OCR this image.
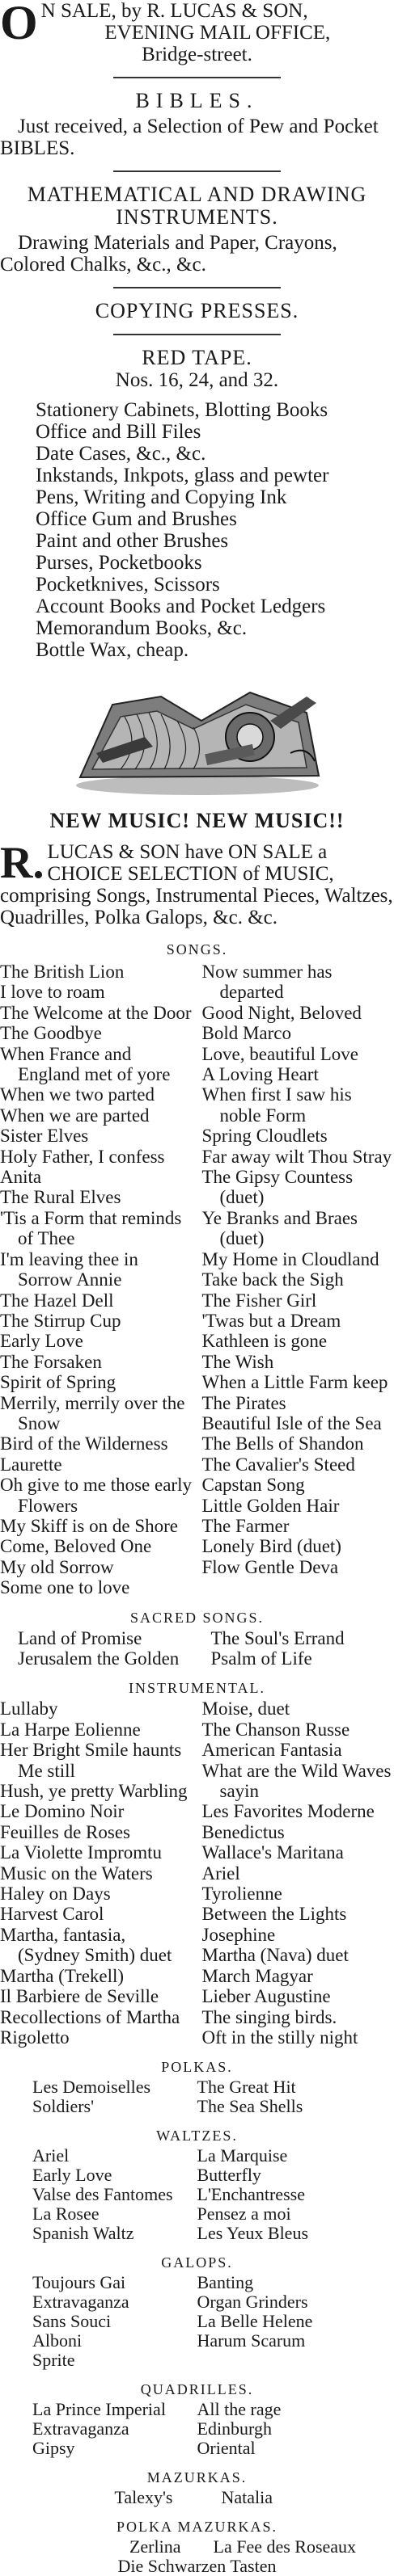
O N SALE, by R. LUCAS & SON,

EVENING MAIL OFFICE,

Bridge-street.

BIBLES.

Just received, a Selection of Pew and Pocket BIBLES.

MATHEMATICAL AND DRAWING
INSTRUMENTS.

Drawing Materials and Paper, Crayons, Colored Chalks, &c., &c.

COPYING PRESSES.
RED TAPE.

Nos. 16, 24, and 32.

Stationery Cabinets, Blotting Books

Office and Bill Files

Date Cases, &c., &c.

Inkstands, Inkpots, glass and pewter

Pens, Writing and Copying Ink

Office Gum and Brushes

Paint and other Brushes

Purses, Pocketbooks

Pocketknives, Scissors

Account Books and Pocket Ledgers

Memorandum Books, &c.

Bottle Wax, cheap.

NEW MUSIC! NEW MUSIC!!

R. LUCAS & SON have ON SALE a CHOICE SELECTION of MUSIC, comprising Songs, Instrumental Pieces, Waltzes, Quadrilles, Polka Galops, &c. &c.

SONGS.

The British Lion

I love to roam

The Welcome at the Door

The Goodbye

When France and England met of yore

When we two parted

When we are parted

Sister Elves

Holy Father, I confess

Anita

The Rural Elves

'Tis a Form that reminds of Thee

I'm leaving thee in Sorrow Annie

The Hazel Dell

The Stirrup Cup

Early Love

The Forsaken

Spirit of Spring

Merrily, merrily over the Snow

Bird of the Wilderness

Laurette

Oh give to me those early Flowers

My Skiff is on de Shore

Come, Beloved One

My old Sorrow

Some one to love

Now summer has departed

Good Night, Beloved

Bold Marco

Love, beautiful Love

A Loving Heart

When first I saw his noble Form

Spring Cloudlets

Far away wilt Thou Stray

The Gipsy Countess (duet)

Ye Branks and Braes (duet)

My Home in Cloudland

Take back the Sigh

The Fisher Girl

'Twas but a Dream

Kathleen is gone

The Wish

When a Little Farm keep

The Pirates

Beautiful Isle of the Sea

The Bells of Shandon

The Cavalier's Steed

Capstan Song

Little Golden Hair

The Farmer

Lonely Bird (duet)

Flow Gentle Deva

SACRED SONGS.

Land of Promise

Jerusalem the Golden

The Soul's Errand

Psalm of Life

INSTRUMENTAL.

Lullaby

La Harpe Eolienne

Her Bright Smile haunts Me still

Hush, ye pretty Warbling

Le Domino Noir

Feuilles de Roses

La Violette Impromtu

Music on the Waters

Haley on Days

Harvest Carol

Martha, fantasia, (Sydney Smith) duet

Martha (Trekell)

Il Barbiere de Seville

Recollections of Martha

Rigoletto

Moise, duet

The Chanson Russe

American Fantasia

What are the Wild Waves sayin

Les Favorites Moderne

Benedictus

Wallace's Maritana

Ariel

Tyrolienne

Between the Lights

Josephine

Martha (Nava) duet

March Magyar

Lieber Augustine

The singing birds.

Oft in the stilly night

POLKAS.

Les Demoiselles

Soldiers'

The Great Hit

The Sea Shells

WALTZES.

Ariel

Early Love

Valse des Fantomes

La Rosee

Spanish Waltz

La Marquise

Butterfly

L'Enchantresse

Pensez a moi

Les Yeux Bleus

GALOPS.

Toujours Gai

Extravaganza

Sans Souci

Alboni

Sprite

Banting

Organ Grinders

La Belle Helene

Harum Scarum

QUADRILLES.

La Prince Imperial

Extravaganza

Gipsy

All the rage

Edinburgh

Oriental

MAZURKAS.

Talexy's	Natalia

POLKA MAZURKAS.

Zerlina La Fee des Roseaux

Die Schwarzen Tasten
